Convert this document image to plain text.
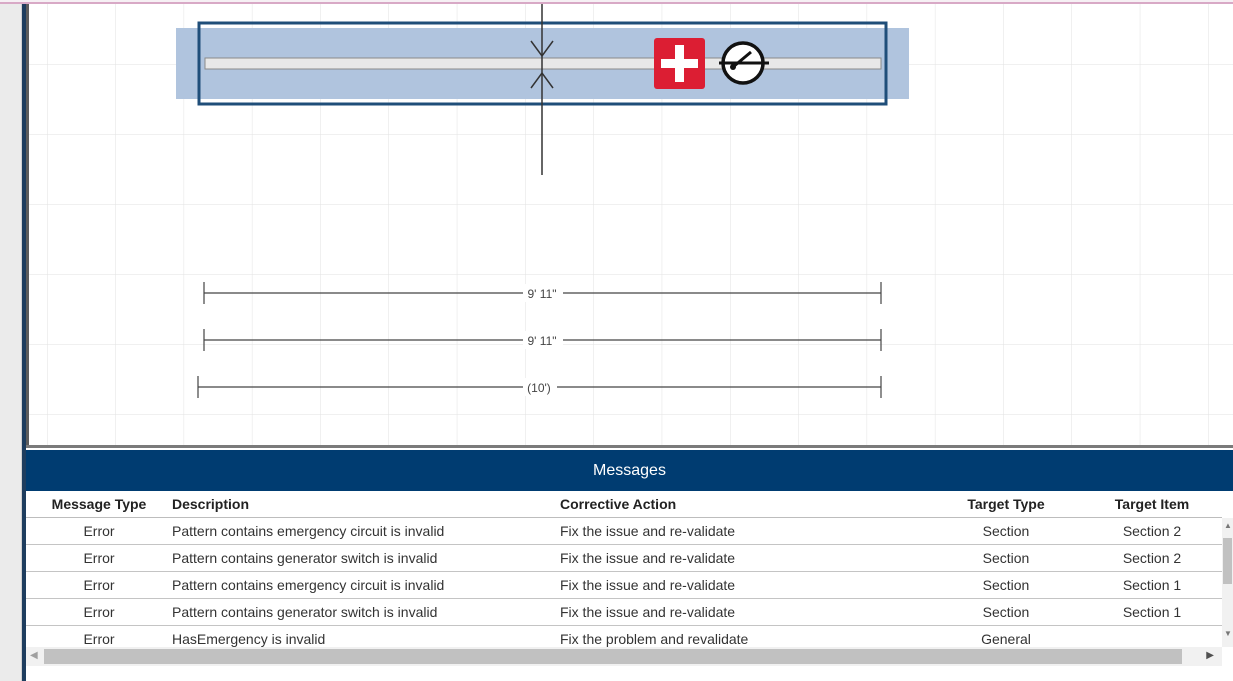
9' 11"
9' 11"
(10')
Messages
Message Type	Description	Corrective Action	Target Type	Target Item
Error	Pattern contains emergency circuit is invalid	Fix the issue and re-validate	Section	Section 2
Error	Pattern contains generator switch is invalid	Fix the issue and re-validate	Section	Section 2
Error	Pattern contains emergency circuit is invalid	Fix the issue and re-validate	Section	Section 1
Error	Pattern contains generator switch is invalid	Fix the issue and re-validate	Section	Section 1
Error	HasEmergency is invalid	Fix the problem and revalidate	General	
▲
▼
◀	▶
